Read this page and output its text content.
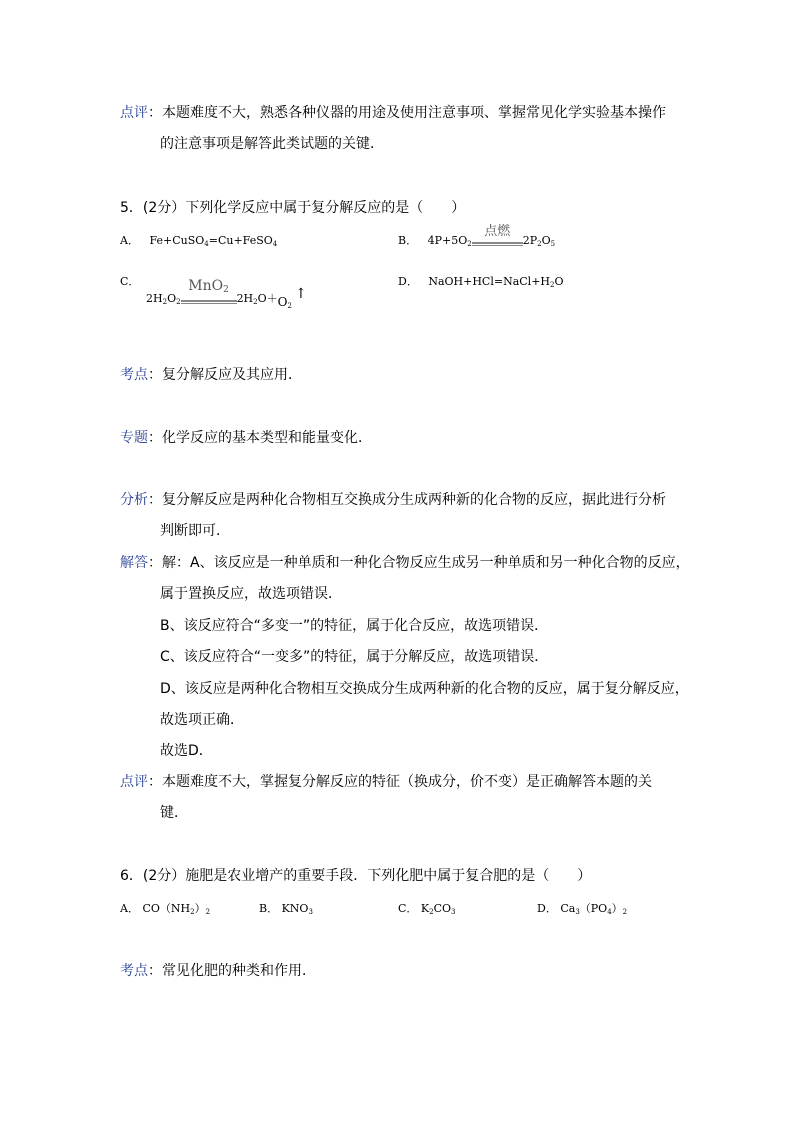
点评：本题难度不大，熟悉各种仪器的用途及使用注意事项、掌握常见化学实验基本操作
的注意事项是解答此类试题的关键．
5．(2分）下列化学反应中属于复分解反应的是（　　）
A． Fe+CuSO$_4$=Cu+FeSO$_4$	B． $4P+5O_2$
点燃
$2P_2O_5$
C．
$2H_2O_2$
MnO$_2$
$2H_2O+O_2↑$
D． $NaOH+HCl=NaCl+H_2O$
考点：复分解反应及其应用．
专题：化学反应的基本类型和能量变化．
分析：复分解反应是两种化合物相互交换成分生成两种新的化合物的反应，据此进行分析
判断即可．
解答：解：A、该反应是一种单质和一种化合物反应生成另一种单质和另一种化合物的反应，
属于置换反应，故选项错误．
B、该反应符合“多变一”的特征，属于化合反应，故选项错误．
C、该反应符合“一变多”的特征，属于分解反应，故选项错误．
D、该反应是两种化合物相互交换成分生成两种新的化合物的反应，属于复分解反应，
故选项正确．
故选D．
点评：本题难度不大，掌握复分解反应的特征（换成分，价不变）是正确解答本题的关
键．
6．(2分）施肥是农业增产的重要手段．下列化肥中属于复合肥的是（　　）
A． $CO(NH_2)_2$	B． $KNO_3$	C． $K_2CO_3$	D． $Ca_3(PO_4)_2$
考点：常见化肥的种类和作用．
